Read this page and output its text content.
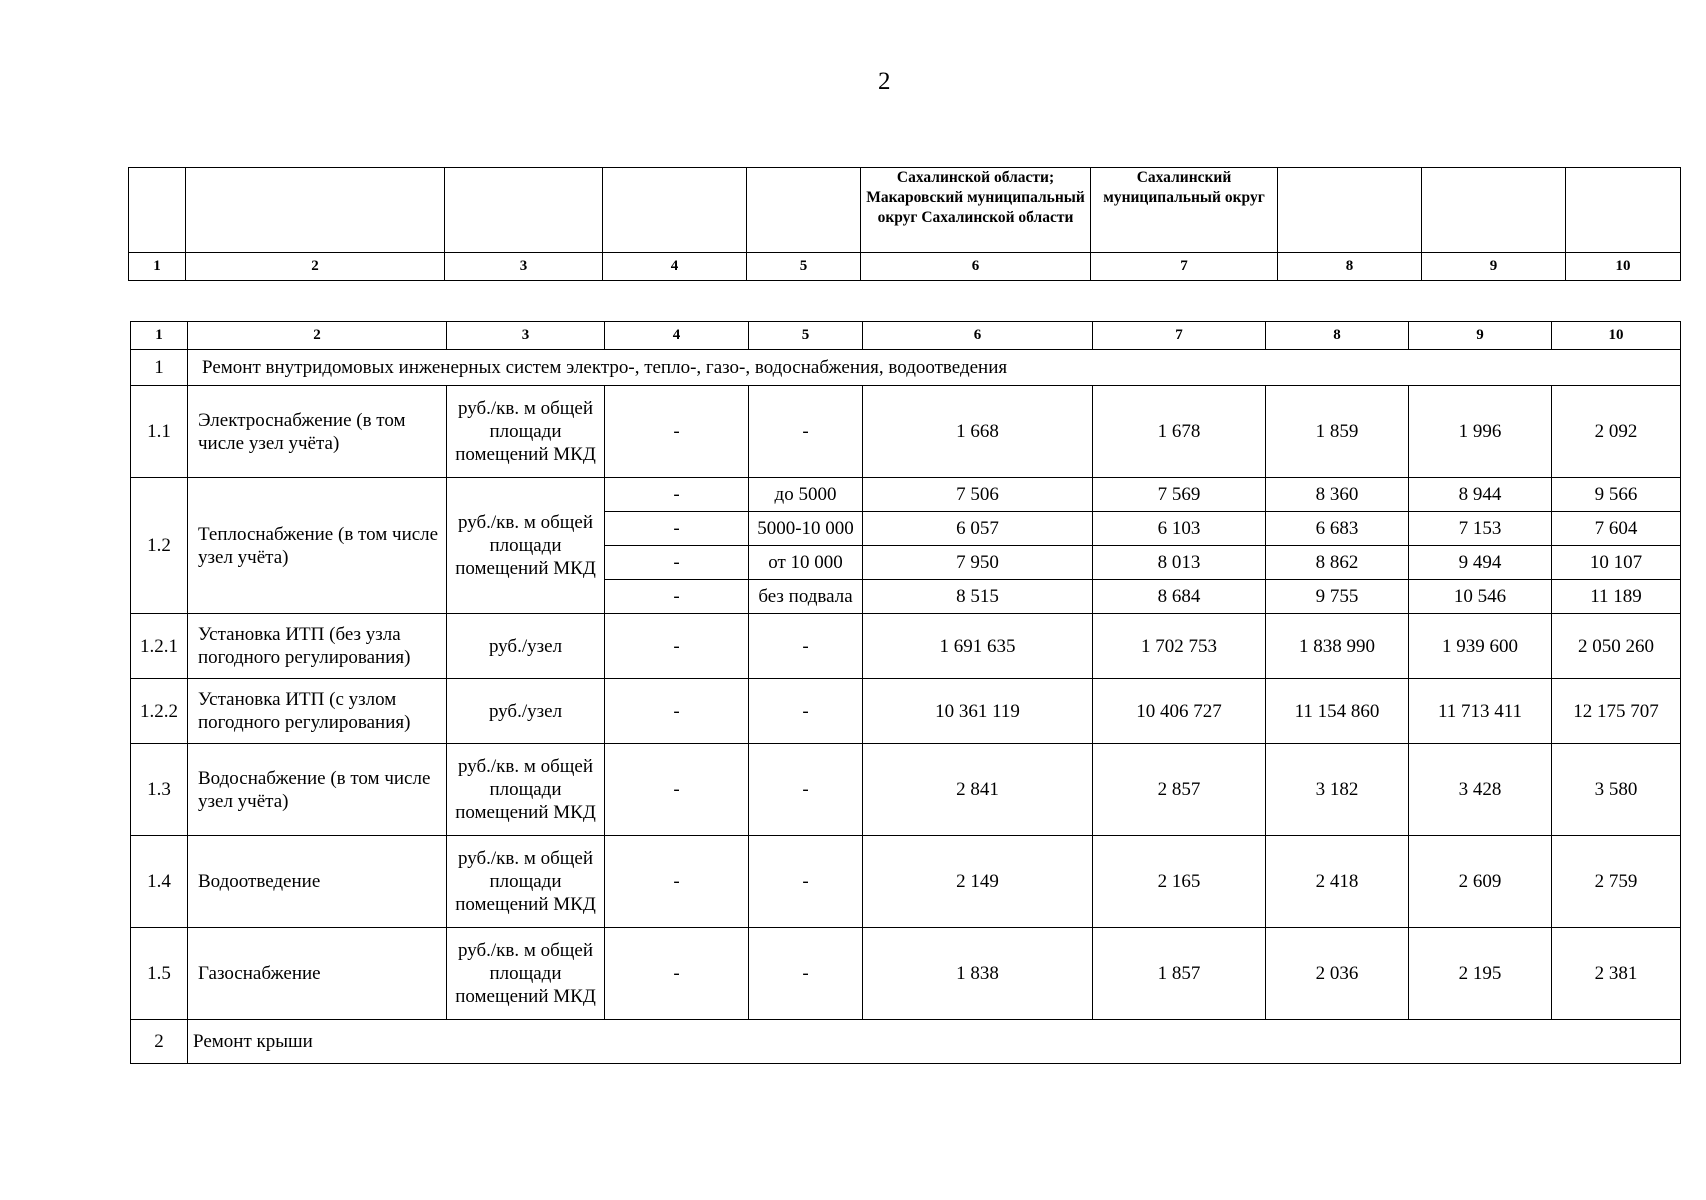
2
					Сахалинской области; Макаровский муниципальный округ Сахалинской области	Сахалинский муниципальный округ			
1	2	3	4	5	6	7	8	9	10
1	2	3	4	5	6	7	8	9	10
1	Ремонт внутридомовых инженерных систем электро-, тепло-, газо-, водоснабжения, водоотведения								
1.1	Электроснабжение (в том числе узел учёта)	руб./кв. м общей площади помещений МКД	-	-	1 668	1 678	1 859	1 996	2 092
1.2	Теплоснабжение (в том числе узел учёта)	руб./кв. м общей площади помещений МКД	-	до 5000	7 506	7 569	8 360	8 944	9 566
			-	5000-10 000	6 057	6 103	6 683	7 153	7 604
			-	от 10 000	7 950	8 013	8 862	9 494	10 107
			-	без подвала	8 515	8 684	9 755	10 546	11 189
1.2.1	Установка ИТП (без узла погодного регулирования)	руб./узел	-	-	1 691 635	1 702 753	1 838 990	1 939 600	2 050 260
1.2.2	Установка ИТП (с узлом погодного регулирования)	руб./узел	-	-	10 361 119	10 406 727	11 154 860	11 713 411	12 175 707
1.3	Водоснабжение (в том числе узел учёта)	руб./кв. м общей площади помещений МКД	-	-	2 841	2 857	3 182	3 428	3 580
1.4	Водоотведение	руб./кв. м общей площади помещений МКД	-	-	2 149	2 165	2 418	2 609	2 759
1.5	Газоснабжение	руб./кв. м общей площади помещений МКД	-	-	1 838	1 857	2 036	2 195	2 381
2	Ремонт крыши								
